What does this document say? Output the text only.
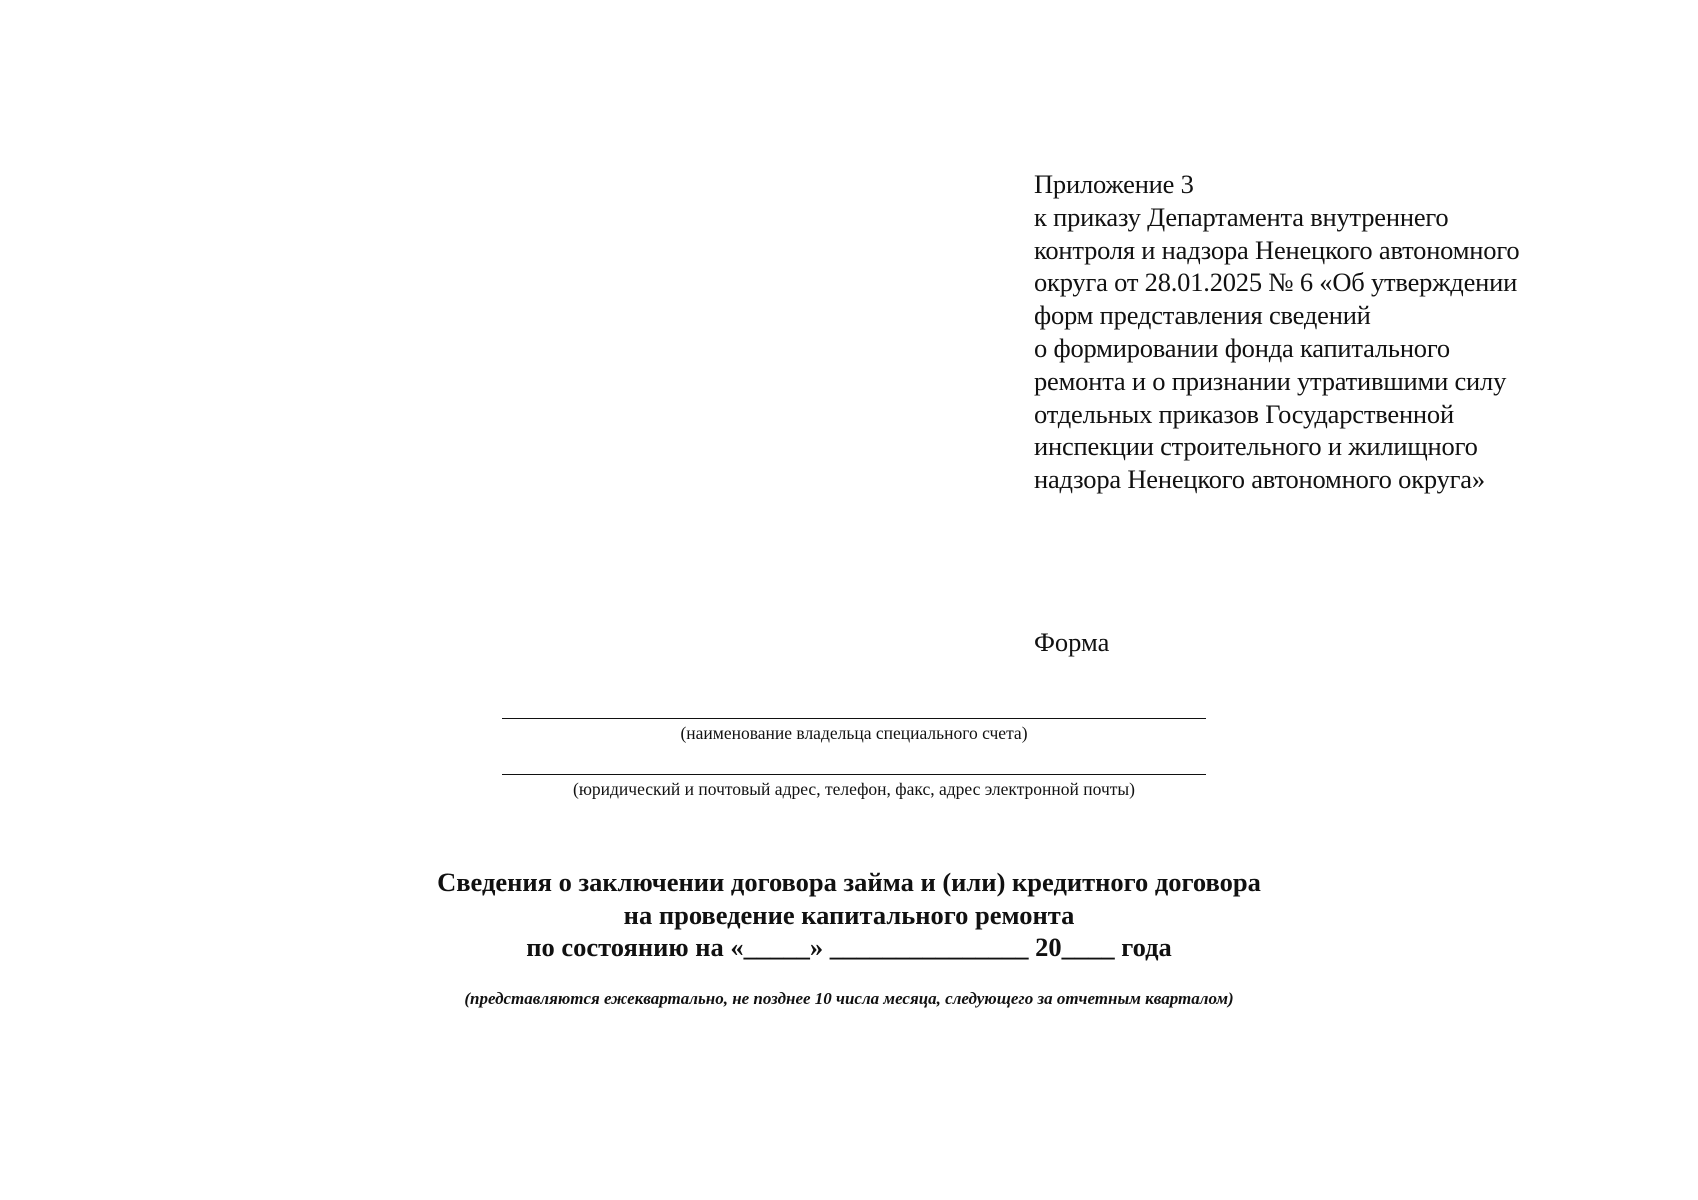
Приложение 3
к приказу Департамента внутреннего
контроля и надзора Ненецкого автономного
округа от 28.01.2025 № 6 «Об утверждении
форм представления сведений
о формировании фонда капитального
ремонта и о признании утратившими силу
отдельных приказов Государственной
инспекции строительного и жилищного
надзора Ненецкого автономного округа»
Форма
(наименование владельца специального счета)
(юридический и почтовый адрес, телефон, факс, адрес электронной почты)
Сведения о заключении договора займа и (или) кредитного договора
на проведение капитального ремонта
по состоянию на «_____» _______________ 20____ года
(представляются ежеквартально, не позднее 10 числа месяца, следующего за отчетным кварталом)
